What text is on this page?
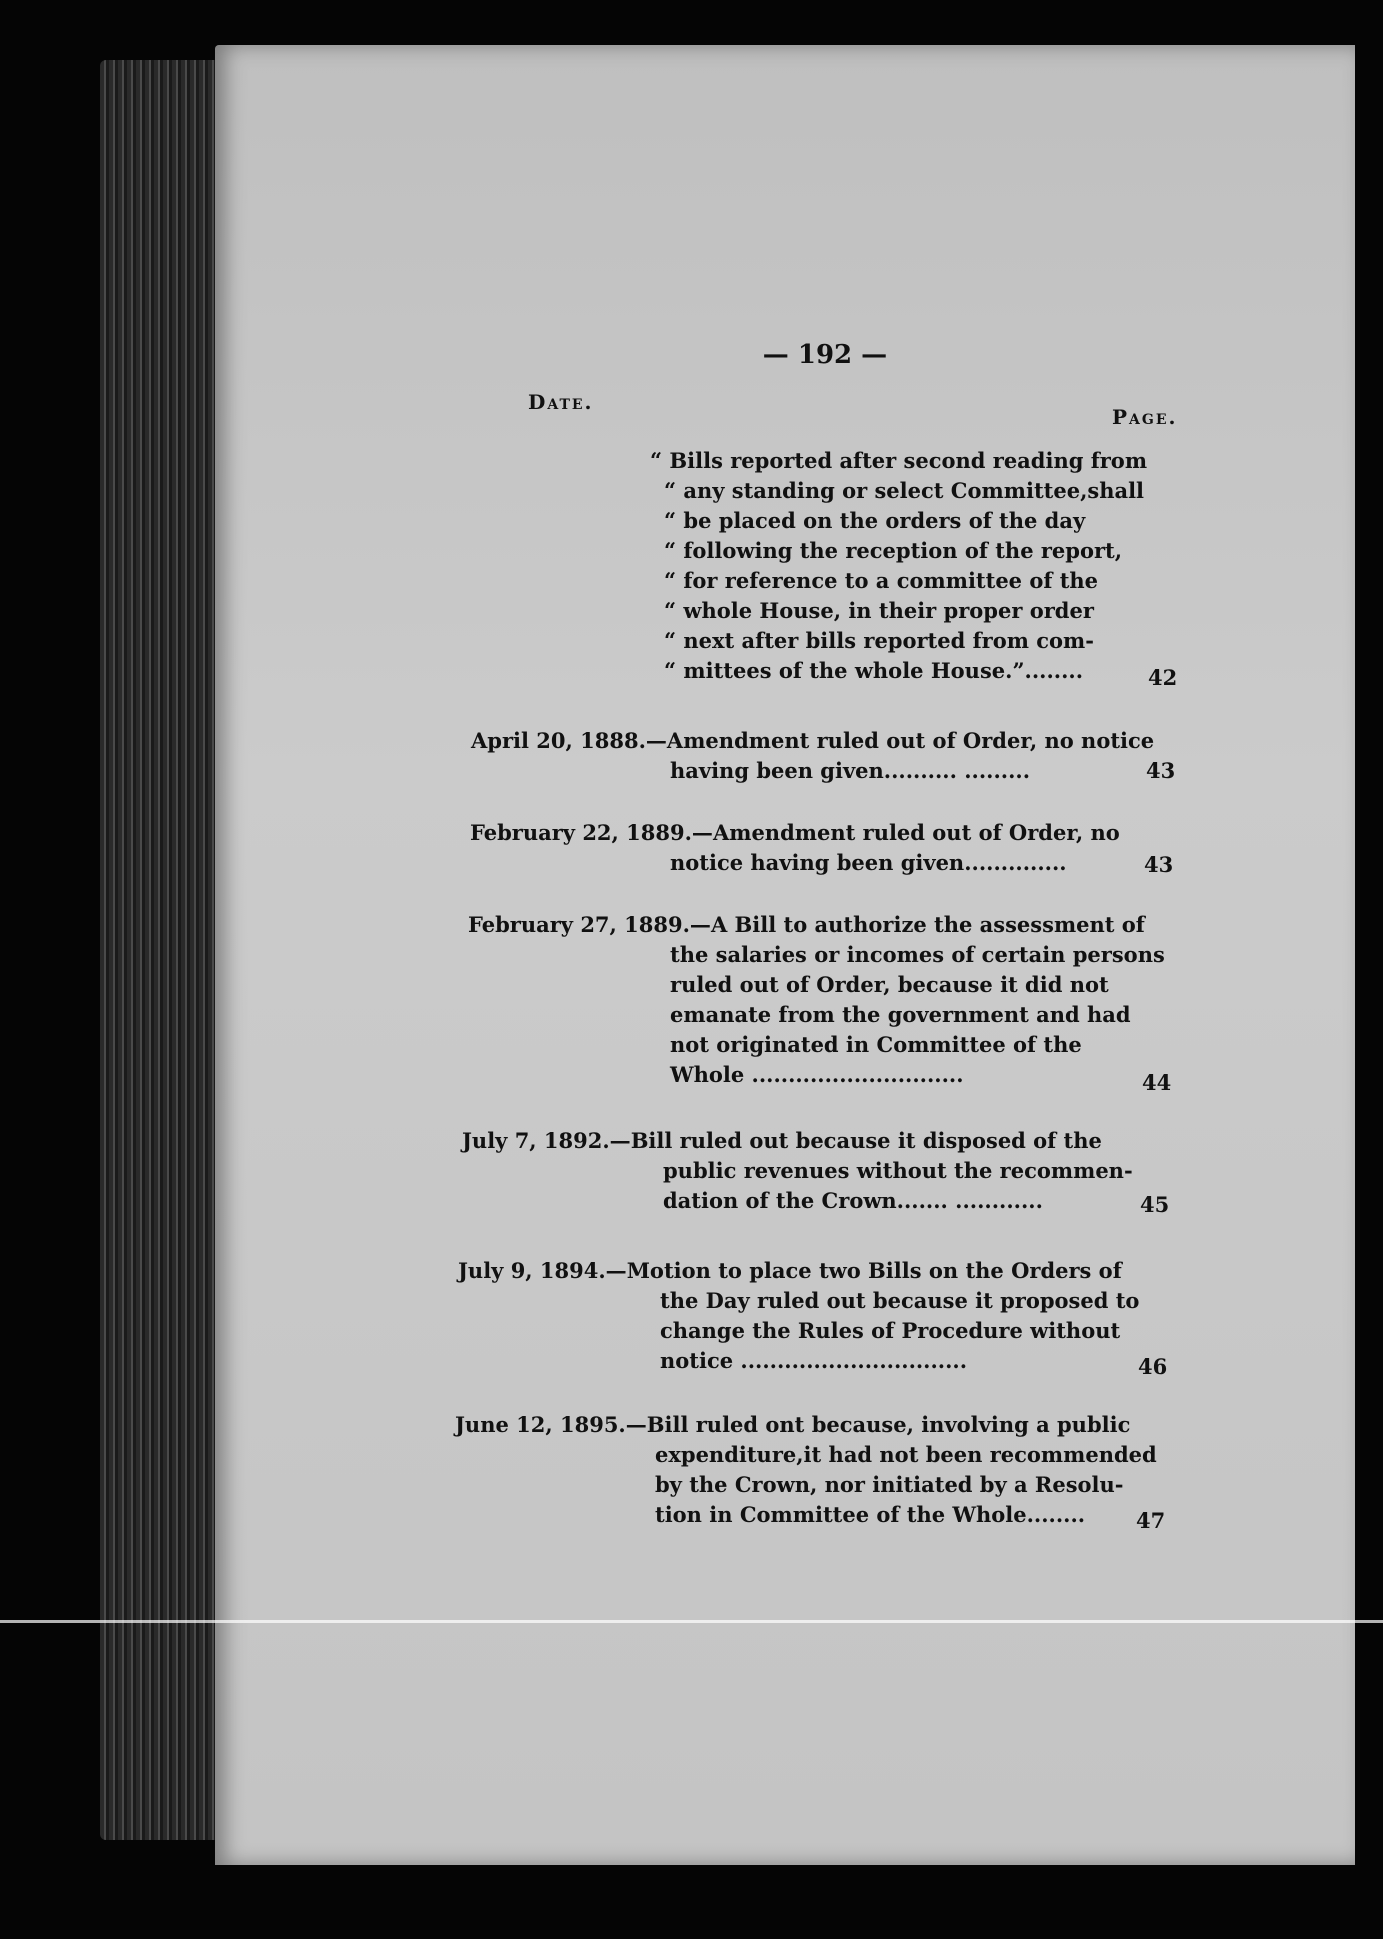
— 192 —
Date.
Page.
“ Bills reported after second reading from
“ any standing or select Committee,shall
“ be placed on the orders of the day
“ following the reception of the report,
“ for reference to a committee of the
“ whole House, in their proper order
“ next after bills reported from com-
“ mittees of the whole House.”........	42
April 20, 1888.— Amendment ruled out of Order, no notice
having been given.......... .........	43
February 22, 1889.— Amendment ruled out of Order, no
notice having been given..............	43
February 27, 1889.— A Bill to authorize the assessment of
the salaries or incomes of certain persons
ruled out of Order, because it did not
emanate from the government and had
not originated in Committee of the
Whole .............................	44
July 7, 1892.— Bill ruled out because it disposed of the
public revenues without the recommen-
dation of the Crown....... ............	45
July 9, 1894.— Motion to place two Bills on the Orders of
the Day ruled out because it proposed to
change the Rules of Procedure without
notice ...............................	46
June 12, 1895.— Bill ruled ont because, involving a public
expenditure,it had not been recommended
by the Crown, nor initiated by a Resolu-
tion in Committee of the Whole........ 47
